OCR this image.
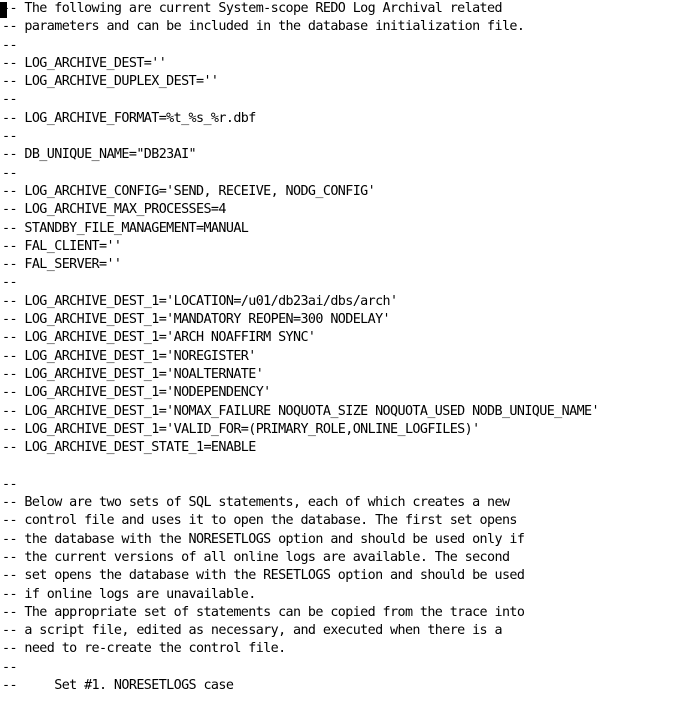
-- The following are current System-scope REDO Log Archival related
-- parameters and can be included in the database initialization file.
--
-- LOG_ARCHIVE_DEST=''
-- LOG_ARCHIVE_DUPLEX_DEST=''
--
-- LOG_ARCHIVE_FORMAT=%t_%s_%r.dbf
--
-- DB_UNIQUE_NAME="DB23AI"
--
-- LOG_ARCHIVE_CONFIG='SEND, RECEIVE, NODG_CONFIG'
-- LOG_ARCHIVE_MAX_PROCESSES=4
-- STANDBY_FILE_MANAGEMENT=MANUAL
-- FAL_CLIENT=''
-- FAL_SERVER=''
--
-- LOG_ARCHIVE_DEST_1='LOCATION=/u01/db23ai/dbs/arch'
-- LOG_ARCHIVE_DEST_1='MANDATORY REOPEN=300 NODELAY'
-- LOG_ARCHIVE_DEST_1='ARCH NOAFFIRM SYNC'
-- LOG_ARCHIVE_DEST_1='NOREGISTER'
-- LOG_ARCHIVE_DEST_1='NOALTERNATE'
-- LOG_ARCHIVE_DEST_1='NODEPENDENCY'
-- LOG_ARCHIVE_DEST_1='NOMAX_FAILURE NOQUOTA_SIZE NOQUOTA_USED NODB_UNIQUE_NAME'
-- LOG_ARCHIVE_DEST_1='VALID_FOR=(PRIMARY_ROLE,ONLINE_LOGFILES)'
-- LOG_ARCHIVE_DEST_STATE_1=ENABLE
--
-- Below are two sets of SQL statements, each of which creates a new
-- control file and uses it to open the database. The first set opens
-- the database with the NORESETLOGS option and should be used only if
-- the current versions of all online logs are available. The second
-- set opens the database with the RESETLOGS option and should be used
-- if online logs are unavailable.
-- The appropriate set of statements can be copied from the trace into
-- a script file, edited as necessary, and executed when there is a
-- need to re-create the control file.
--
--     Set #1. NORESETLOGS case
